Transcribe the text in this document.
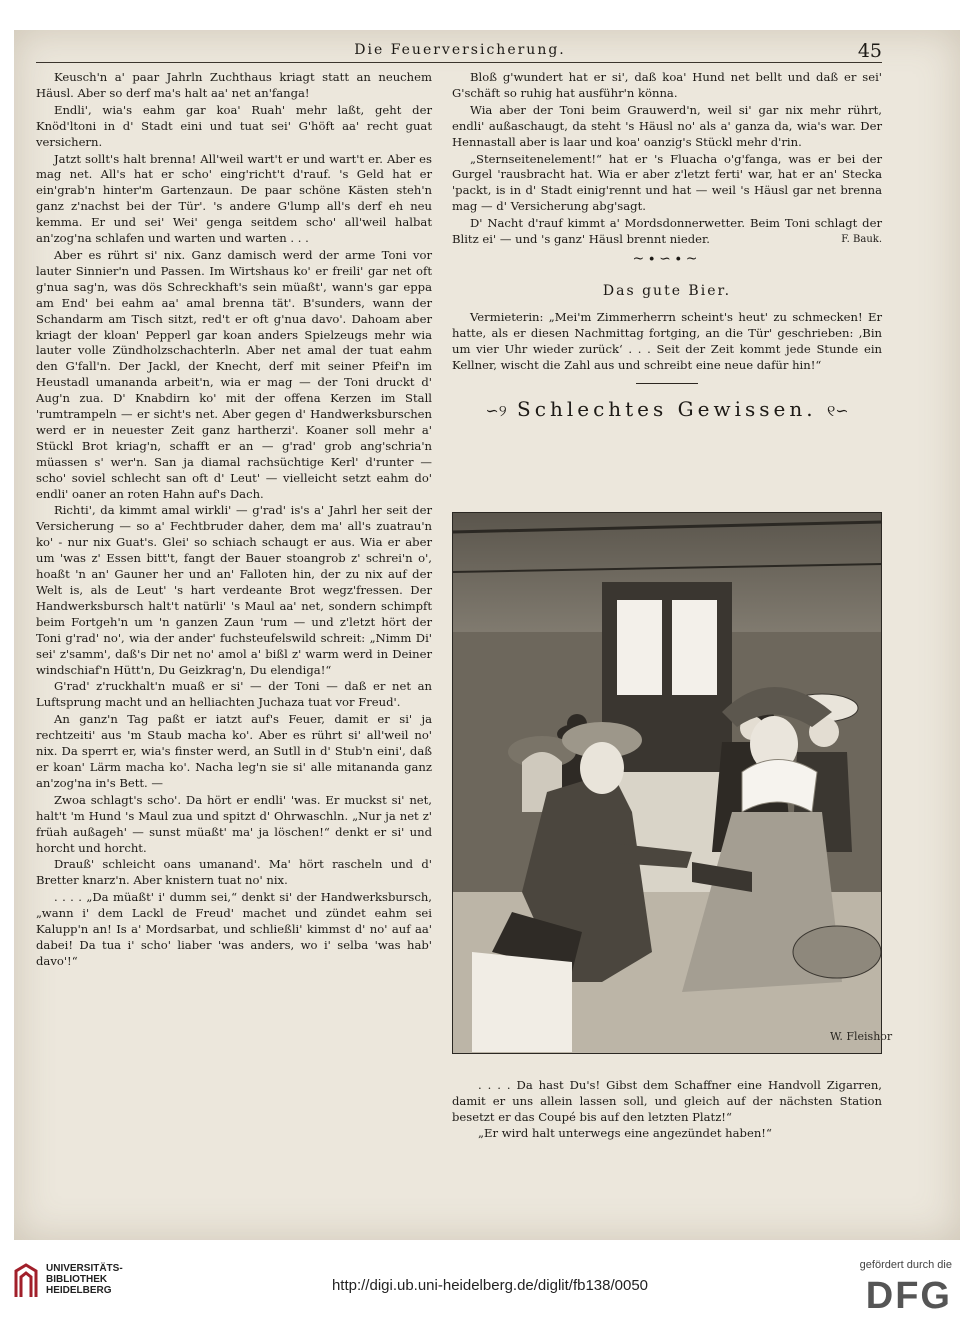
Die Feuerversicherung.	45

Keusch'n a' paar Jahrln Zuchthaus kriagt statt an neuchem Häusl. Aber so derf ma's halt aa' net an'fanga!

Endli', wia's eahm gar koa' Ruah' mehr laßt, geht der Knöd'ltoni in d' Stadt eini und tuat sei' G'höft aa' recht guat versichern.

Jatzt sollt's halt brenna! All'weil wart't er und wart't er. Aber es mag net. All's hat er scho' eing'richt't d'rauf. 's Geld hat er ein'grab'n hinter'm Gartenzaun. De paar schöne Kästen steh'n ganz z'nachst bei der Tür'. 's andere G'lump all's derf eh neu kemma. Er und sei' Wei' genga seitdem scho' all'weil halbat an'zog'na schlafen und warten und warten . . .

Aber es rührt si' nix. Ganz damisch werd der arme Toni vor lauter Sinnier'n und Passen. Im Wirtshaus ko' er freili' gar net oft g'nua sag'n, was dös Schreckhaft's sein müaßt', wann's gar eppa am End' bei eahm aa' amal brenna tät'. B'sunders, wann der Schandarm am Tisch sitzt, red't er oft g'nua davo'. Dahoam aber kriagt der kloan' Pepperl gar koan anders Spielzeugs mehr wia lauter volle Zündholzschachterln. Aber net amal der tuat eahm den G'fall'n. Der Jackl, der Knecht, derf mit seiner Pfeif'n im Heustadl umananda arbeit'n, wia er mag — der Toni druckt d' Aug'n zua. D' Knabdirn ko' mit der offena Kerzen im Stall 'rumtrampeln — er sicht's net. Aber gegen d' Handwerksburschen werd er in neuester Zeit ganz hartherzi'. Koaner soll mehr a' Stückl Brot kriag'n, schafft er an — g'rad' grob ang'schria'n müassen s' wer'n. San ja diamal rachsüchtige Kerl' d'runter — scho' soviel schlecht san oft d' Leut' — vielleicht setzt eahm do' endli' oaner an roten Hahn auf's Dach.

Richti', da kimmt amal wirkli' — g'rad' is's a' Jahrl her seit der Versicherung — so a' Fechtbruder daher, dem ma' all's zuatrau'n ko' - nur nix Guat's. Glei' so schiach schaugt er aus. Wia er aber um 'was z' Essen bitt't, fangt der Bauer stoangrob z' schrei'n o', hoaßt 'n an' Gauner her und an' Falloten hin, der zu nix auf der Welt is, als de Leut' 's hart verdeante Brot wegz'fressen. Der Handwerksbursch halt't natürli' 's Maul aa' net, sondern schimpft beim Fortgeh'n um 'n ganzen Zaun 'rum — und z'letzt hört der Toni g'rad' no', wia der ander' fuchsteufelswild schreit: „Nimm Di' sei' z'samm', daß's Dir net no' amol a' bißl z' warm werd in Deiner windschiaf'n Hütt'n, Du Geizkrag'n, Du elendiga!“

G'rad' z'ruckhalt'n muaß er si' — der Toni — daß er net an Luftsprung macht und an helliachten Juchaza tuat vor Freud'.

An ganz'n Tag paßt er iatzt auf's Feuer, damit er si' ja rechtzeiti' aus 'm Staub macha ko'. Aber es rührt si' all'weil no' nix. Da sperrt er, wia's finster werd, an Sutll in d' Stub'n eini', daß er koan' Lärm macha ko'. Nacha leg'n sie si' alle mitananda ganz an'zog'na in's Bett. —

Zwoa schlagt's scho'. Da hört er endli' 'was. Er muckst si' net, halt't 'm Hund 's Maul zua und spitzt d' Ohrwaschln. „Nur ja net z' früah außageh' — sunst müaßt' ma' ja löschen!“ denkt er si' und horcht und horcht.

Drauß' schleicht oans umanand'. Ma' hört rascheln und d' Bretter knarz'n. Aber knistern tuat no' nix.

. . . . „Da müaßt' i' dumm sei,“ denkt si' der Handwerksbursch, „wann i' dem Lackl de Freud' machet und zündet eahm sei Kalupp'n an! Is a' Mordsarbat, und schließli' kimmst d' no' auf aa' dabei! Da tua i' scho' liaber 'was anders, wo i' selba 'was hab' davo'!“

Bloß g'wundert hat er si', daß koa' Hund net bellt und daß er sei' G'schäft so ruhig hat ausführ'n könna.

Wia aber der Toni beim Grauwerd'n, weil si' gar nix mehr rührt, endli' außaschaugt, da steht 's Häusl no' als a' ganza da, wia's war. Der Hennastall aber is laar und koa' oanzig's Stückl mehr d'rin.

„Sternseitenelement!“ hat er 's Fluacha o'g'fanga, was er bei der Gurgel 'rausbracht hat. Wia er aber z'letzt ferti' war, hat er an' Stecka 'packt, is in d' Stadt einig'rennt und hat — weil 's Häusl gar net brenna mag — d' Versicherung abg'sagt.

D' Nacht d'rauf kimmt a' Mordsdonnerwetter. Beim Toni schlagt der Blitz ei' — und 's ganz' Häusl brennt nieder.	F. Bauk.

~∙∽∙~
Das gute Bier.

Vermieterin: „Mei'm Zimmerherrn scheint's heut' zu schmecken! Er hatte, als er diesen Nachmittag fortging, an die Tür' geschrieben: ‚Bin um vier Uhr wieder zurück‘ . . . Seit der Zeit kommt jede Stunde ein Kellner, wischt die Zahl aus und schreibt eine neue dafür hin!“

∽୨ Schlechtes Gewissen. ୧∽
W. Fleishor

. . . . Da hast Du's! Gibst dem Schaffner eine Handvoll Zigarren, damit er uns allein lassen soll, und gleich auf der nächsten Station besetzt er das Coupé bis auf den letzten Platz!“

„Er wird halt unterwegs eine angezündet haben!“

UNIVERSITÄTS-
BIBLIOTHEK
HEIDELBERG	http://digi.ub.uni-heidelberg.de/diglit/fb138/0050
gefördert durch die
DFG
